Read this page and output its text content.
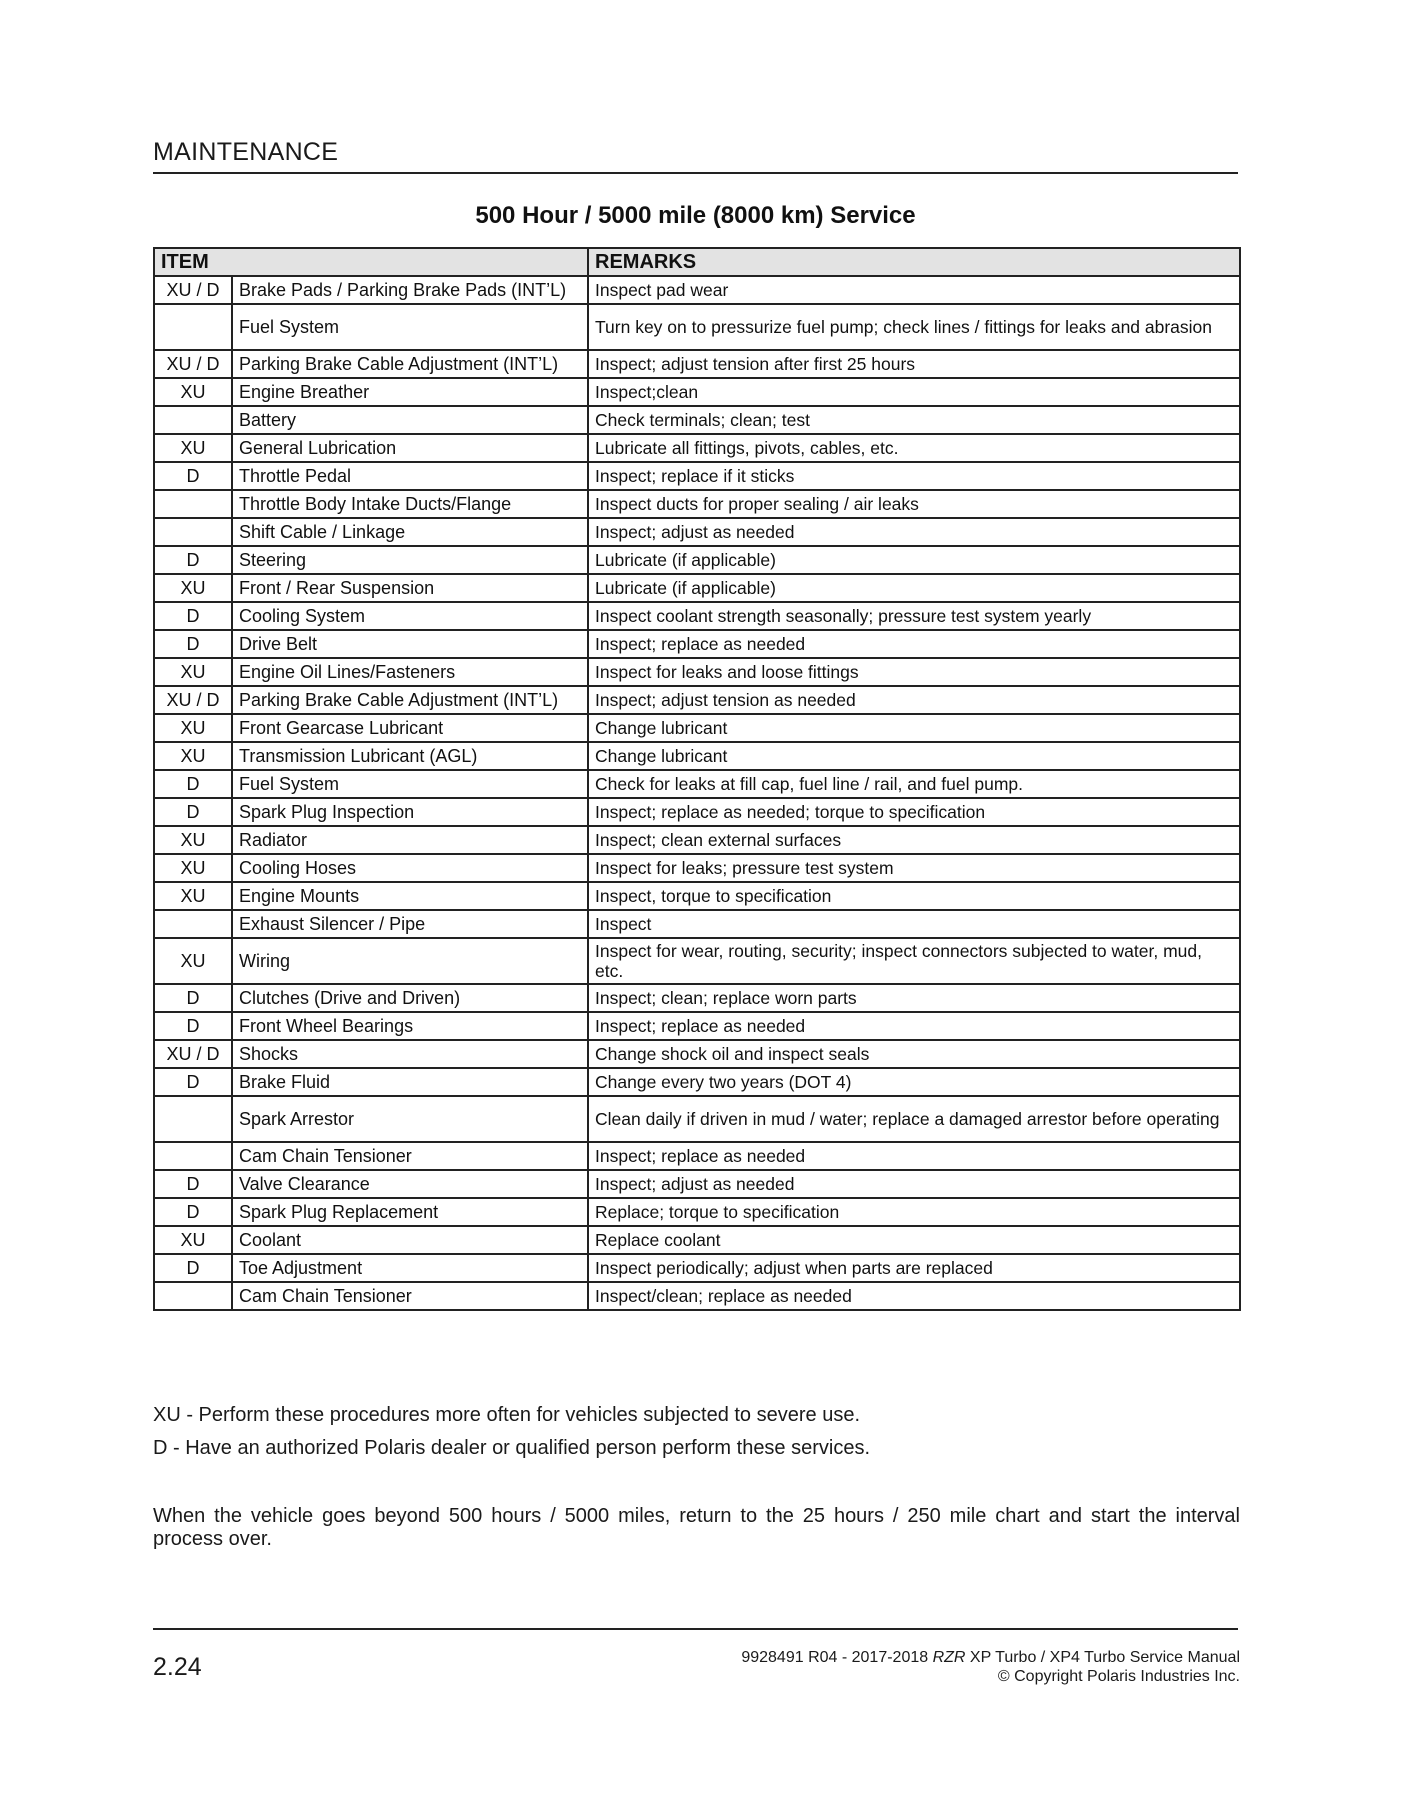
MAINTENANCE
500 Hour / 5000 mile (8000 km) Service
ITEM		REMARKS
XU / D	Brake Pads / Parking Brake Pads (INT’L)	Inspect pad wear
	Fuel System	Turn key on to pressurize fuel pump; check lines / fittings for leaks and abrasion
XU / D	Parking Brake Cable Adjustment (INT’L)	Inspect; adjust tension after first 25 hours
XU	Engine Breather	Inspect;clean
	Battery	Check terminals; clean; test
XU	General Lubrication	Lubricate all fittings, pivots, cables, etc.
D	Throttle Pedal	Inspect; replace if it sticks
	Throttle Body Intake Ducts/Flange	Inspect ducts for proper sealing / air leaks
	Shift Cable / Linkage	Inspect; adjust as needed
D	Steering	Lubricate (if applicable)
XU	Front / Rear Suspension	Lubricate (if applicable)
D	Cooling System	Inspect coolant strength seasonally; pressure test system yearly
D	Drive Belt	Inspect; replace as needed
XU	Engine Oil Lines/Fasteners	Inspect for leaks and loose fittings
XU / D	Parking Brake Cable Adjustment (INT’L)	Inspect; adjust tension as needed
XU	Front Gearcase Lubricant	Change lubricant
XU	Transmission Lubricant (AGL)	Change lubricant
D	Fuel System	Check for leaks at fill cap, fuel line / rail, and fuel pump.
D	Spark Plug Inspection	Inspect; replace as needed; torque to specification
XU	Radiator	Inspect; clean external surfaces
XU	Cooling Hoses	Inspect for leaks; pressure test system
XU	Engine Mounts	Inspect, torque to specification
	Exhaust Silencer / Pipe	Inspect
XU	Wiring	Inspect for wear, routing, security; inspect connectors subjected to water, mud, etc.
D	Clutches (Drive and Driven)	Inspect; clean; replace worn parts
D	Front Wheel Bearings	Inspect; replace as needed
XU / D	Shocks	Change shock oil and inspect seals
D	Brake Fluid	Change every two years (DOT 4)
	Spark Arrestor	Clean daily if driven in mud / water; replace a damaged arrestor before operating
	Cam Chain Tensioner	Inspect; replace as needed
D	Valve Clearance	Inspect; adjust as needed
D	Spark Plug Replacement	Replace; torque to specification
XU	Coolant	Replace coolant
D	Toe Adjustment	Inspect periodically; adjust when parts are replaced
	Cam Chain Tensioner	Inspect/clean; replace as needed
XU - Perform these procedures more often for vehicles subjected to severe use.
D - Have an authorized Polaris dealer or qualified person perform these services.
When the vehicle goes beyond 500 hours / 5000 miles, return to the 25 hours / 250 mile chart and start the interval process over.
2.24	9928491 R04 - 2017-2018 RZR XP Turbo / XP4 Turbo Service Manual
© Copyright Polaris Industries Inc.
